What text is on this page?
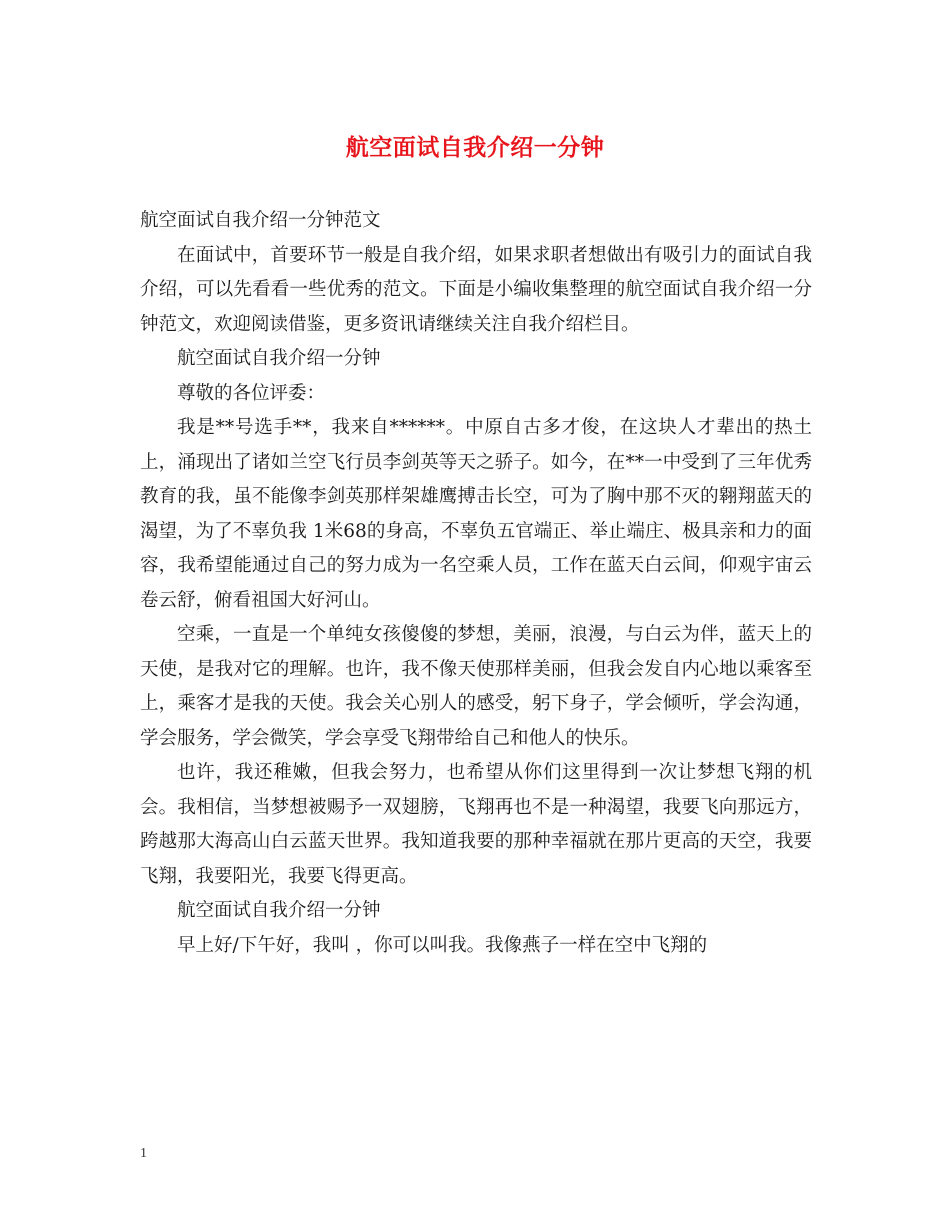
航空面试自我介绍一分钟

航空面试自我介绍一分钟范文

在面试中，首要环节一般是自我介绍，如果求职者想做出有吸引力的面试自我介绍，可以先看看一些优秀的范文。下面是小编收集整理的航空面试自我介绍一分钟范文，欢迎阅读借鉴，更多资讯请继续关注自我介绍栏目。

航空面试自我介绍一分钟

尊敬的各位评委：

我是**号选手**，我来自******。中原自古多才俊，在这块人才辈出的热土上，涌现出了诸如兰空飞行员李剑英等天之骄子。如今，在**一中受到了三年优秀教育的我，虽不能像李剑英那样架雄鹰搏击长空，可为了胸中那不灭的翱翔蓝天的渴望，为了不辜负我 1米68的身高，不辜负五官端正、举止端庄、极具亲和力的面容，我希望能通过自己的努力成为一名空乘人员，工作在蓝天白云间，仰观宇宙云卷云舒，俯看祖国大好河山。

空乘，一直是一个单纯女孩傻傻的梦想，美丽，浪漫，与白云为伴，蓝天上的天使，是我对它的理解。也许，我不像天使那样美丽，但我会发自内心地以乘客至上，乘客才是我的天使。我会关心别人的感受，躬下身子，学会倾听，学会沟通，学会服务，学会微笑，学会享受飞翔带给自己和他人的快乐。

也许，我还稚嫩，但我会努力，也希望从你们这里得到一次让梦想飞翔的机会。我相信，当梦想被赐予一双翅膀，飞翔再也不是一种渴望，我要飞向那远方，跨越那大海高山白云蓝天世界。我知道我要的那种幸福就在那片更高的天空，我要飞翔，我要阳光，我要飞得更高。

航空面试自我介绍一分钟

早上好/下午好，我叫 ，你可以叫我。我像燕子一样在空中飞翔的

1
